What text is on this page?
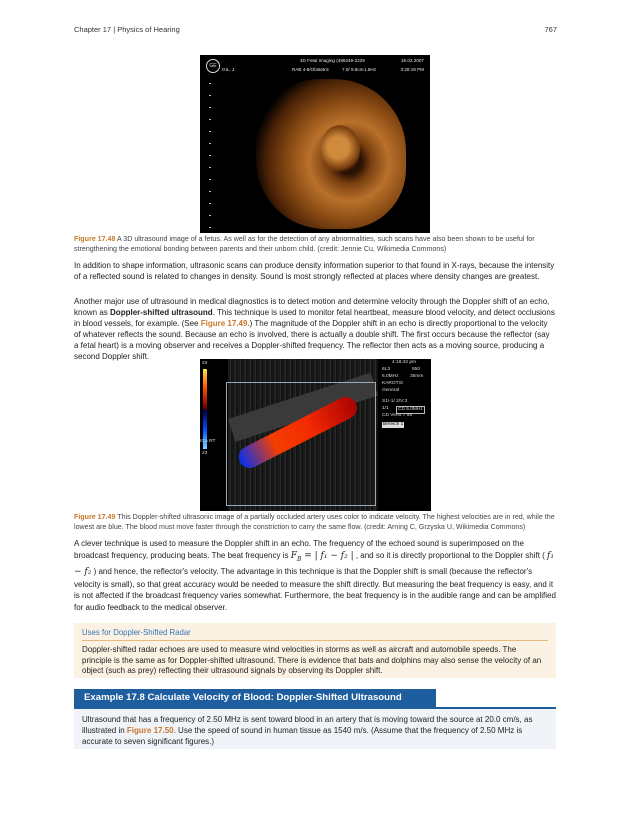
Chapter 17 | Physics of Hearing	767
GE
4D Fetal Imaging (486249-2229	16.02.2007
GIL, J	RAB 4-8/Obstetric	7.0/ 9.8cm 1.5Hz	3:28:19 PM
Figure 17.48 A 3D ultrasound image of a fetus. As well as for the detection of any abnormalities, such scans have also been shown to be useful for strengthening the emotional bonding between parents and their unborn child. (credit: Jennie Cu, Wikimedia Commons)

In addition to shape information, ultrasonic scans can produce density information superior to that found in X-rays, because the intensity of a reflected sound is related to changes in density. Sound is most strongly reflected at places where density changes are greatest.

Another major use of ultrasound in medical diagnostics is to detect motion and determine velocity through the Doppler shift of an echo, known as Doppler-shifted ultrasound. This technique is used to monitor fetal heartbeat, measure blood velocity, and detect occlusions in blood vessels, for example. (See Figure 17.49.) The magnitude of the Doppler shift in an echo is directly proportional to the velocity of whatever reflects the sound. Because an echo is involved, there is actually a double shift. The first occurs because the reflector (say a fetal heart) is a moving observer and receives a Doppler-shifted frequency. The reflector then acts as a moving source, producing a second Doppler shift.

23
23
ICA RT
4:18:42 pm
6L3	850
6.0MHz 35mm
KAROTIS
General
S1/-1/ 2/V:3
1/1	CD 5.0MHz
CD Verst = 58
Bereich 1
Figure 17.49 This Doppler-shifted ultrasonic image of a partially occluded artery uses color to indicate velocity. The highest velocities are in red, while the lowest are blue. The blood must move faster through the constriction to carry the same flow. (credit: Arning C, Grzyska U, Wikimedia Commons)

A clever technique is used to measure the Doppler shift in an echo. The frequency of the echoed sound is superimposed on the broadcast frequency, producing beats. The beat frequency is $F_B$ = | f₁ − f₂ | , and so it is directly proportional to the Doppler shift ( f₁ − f₂ ) and hence, the reflector's velocity. The advantage in this technique is that the Doppler shift is small (because the reflector's velocity is small), so that great accuracy would be needed to measure the shift directly. But measuring the beat frequency is easy, and it is not affected if the broadcast frequency varies somewhat. Furthermore, the beat frequency is in the audible range and can be amplified for audio feedback to the medical observer.

Uses for Doppler-Shifted Radar
Doppler-shifted radar echoes are used to measure wind velocities in storms as well as aircraft and automobile speeds. The principle is the same as for Doppler-shifted ultrasound. There is evidence that bats and dolphins may also sense the velocity of an object (such as prey) reflecting their ultrasound signals by observing its Doppler shift.
Example 17.8 Calculate Velocity of Blood: Doppler-Shifted Ultrasound
Ultrasound that has a frequency of 2.50 MHz is sent toward blood in an artery that is moving toward the source at 20.0 cm/s, as illustrated in Figure 17.50. Use the speed of sound in human tissue as 1540 m/s. (Assume that the frequency of 2.50 MHz is accurate to seven significant figures.)
